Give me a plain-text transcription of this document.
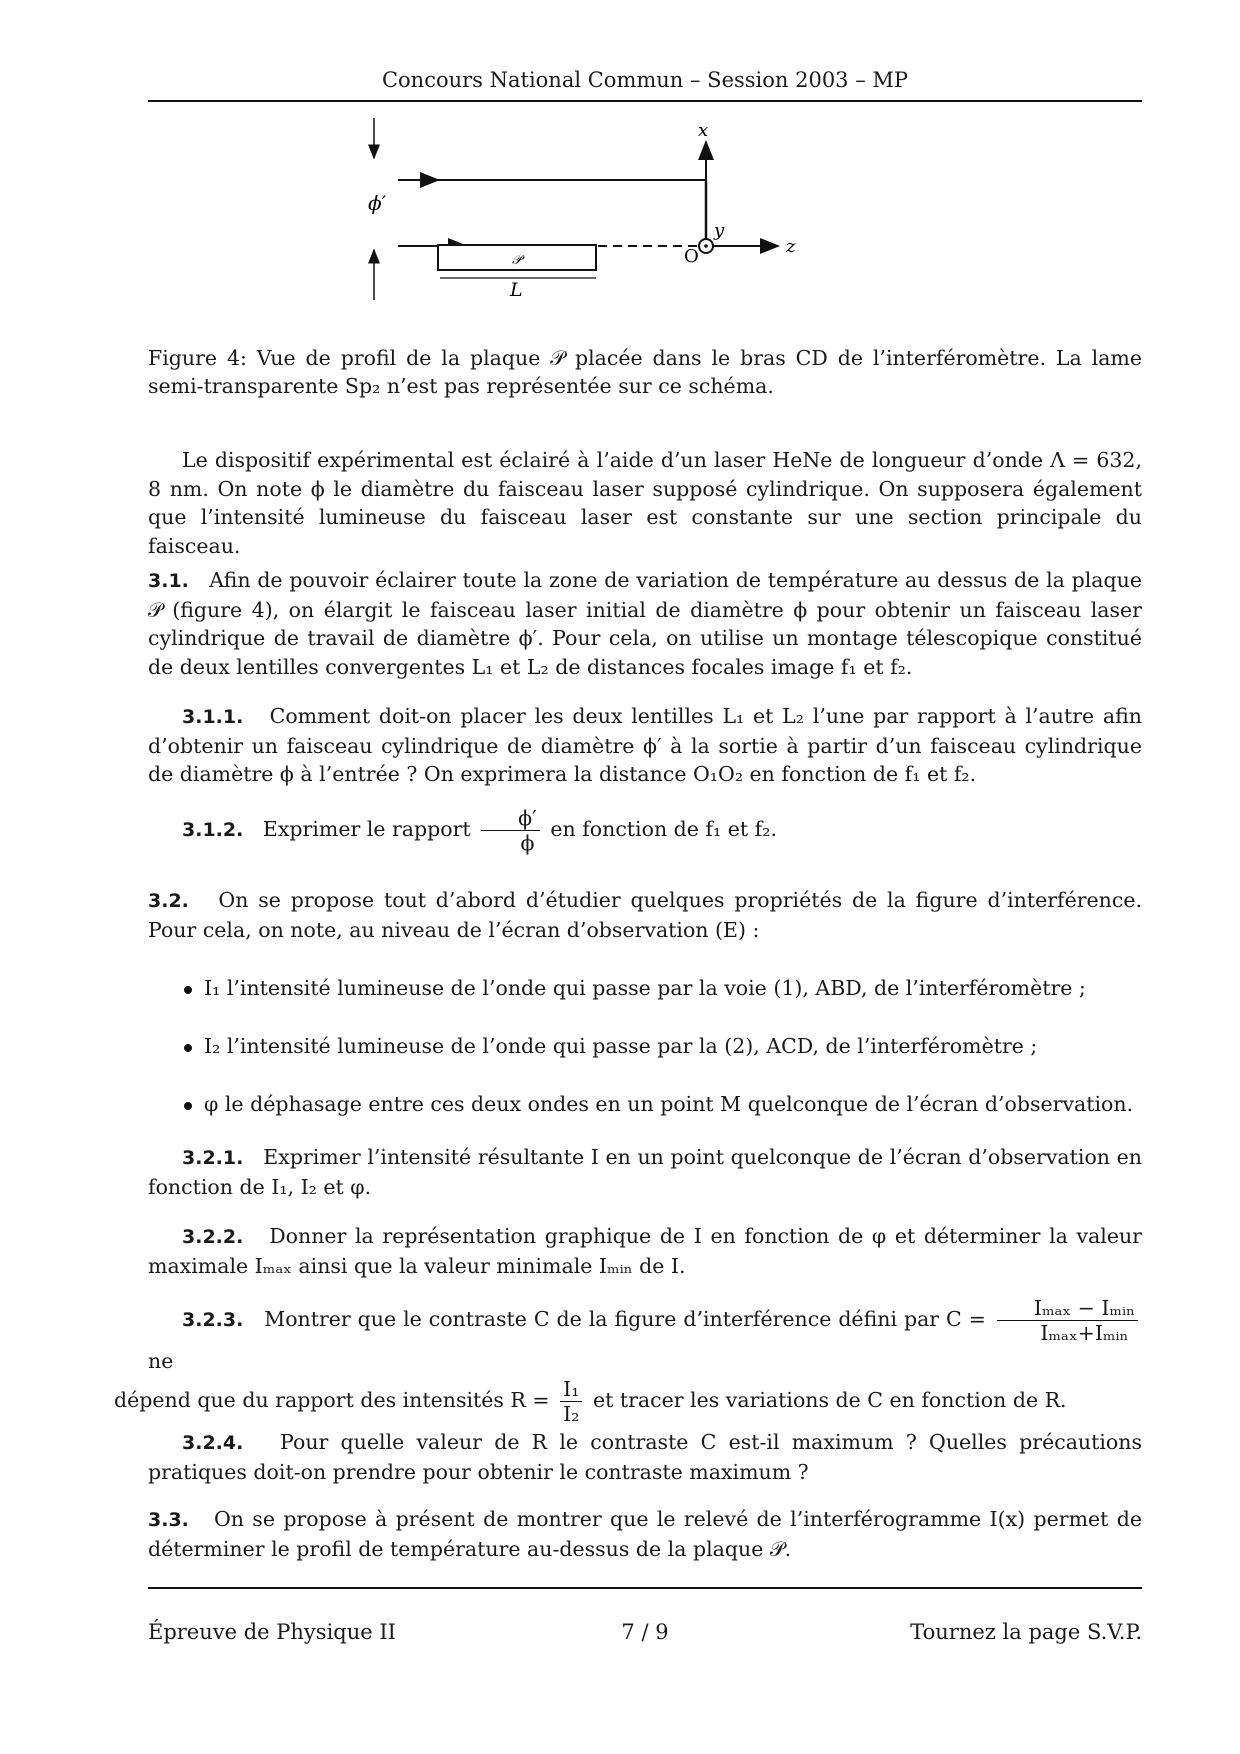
Concours National Commun – Session 2003 – MP
x
y
z
O
ϕ′
𝒫
L
Figure 4: Vue de profil de la plaque 𝒫 placée dans le bras CD de l’interféromètre. La lame semi-transparente Sp₂ n’est pas représentée sur ce schéma.
Le dispositif expérimental est éclairé à l’aide d’un laser HeNe de longueur d’onde Λ = 632, 8 nm. On note ϕ le diamètre du faisceau laser supposé cylindrique. On supposera également que l’intensité lumineuse du faisceau laser est constante sur une section principale du faisceau.
3.1. Afin de pouvoir éclairer toute la zone de variation de température au dessus de la plaque 𝒫 (figure 4), on élargit le faisceau laser initial de diamètre ϕ pour obtenir un faisceau laser cylindrique de travail de diamètre ϕ′. Pour cela, on utilise un montage télescopique constitué de deux lentilles convergentes L₁ et L₂ de distances focales image f₁ et f₂.
3.1.1. Comment doit-on placer les deux lentilles L₁ et L₂ l’une par rapport à l’autre afin d’obtenir un faisceau cylindrique de diamètre ϕ′ à la sortie à partir d’un faisceau cylindrique de diamètre ϕ à l’entrée ? On exprimera la distance O₁O₂ en fonction de f₁ et f₂.
3.1.2. Exprimer le rapport $\frac{\phi'}{\phi}$ en fonction de f₁ et f₂.
3.2. On se propose tout d’abord d’étudier quelques propriétés de la figure d’interférence. Pour cela, on note, au niveau de l’écran d’observation (E) :
I₁ l’intensité lumineuse de l’onde qui passe par la voie (1), ABD, de l’interféromètre ;
I₂ l’intensité lumineuse de l’onde qui passe par la (2), ACD, de l’interféromètre ;
φ le déphasage entre ces deux ondes en un point M quelconque de l’écran d’observation.
3.2.1. Exprimer l’intensité résultante I en un point quelconque de l’écran d’observation en fonction de I₁, I₂ et φ.
3.2.2. Donner la représentation graphique de I en fonction de φ et déterminer la valeur maximale Iₘₐₓ ainsi que la valeur minimale Iₘᵢₙ de I.
3.2.3. Montrer que le contraste C de la figure d’interférence défini par $C = \frac{\text{Iₘₐₓ − Iₘᵢₙ}}{\text{Iₘₐₓ+Iₘᵢₙ}}$
ne
dépend que du rapport des intensités $R = \frac{\text{I₁}}{\text{I₂}}$ et tracer les variations de C en fonction de R.
3.2.4. Pour quelle valeur de R le contraste C est-il maximum ? Quelles précautions pratiques doit-on prendre pour obtenir le contraste maximum ?
3.3. On se propose à présent de montrer que le relevé de l’interférogramme I(x) permet de déterminer le profil de température au-dessus de la plaque 𝒫.
Épreuve de Physique II	7 / 9	Tournez la page S.V.P.
